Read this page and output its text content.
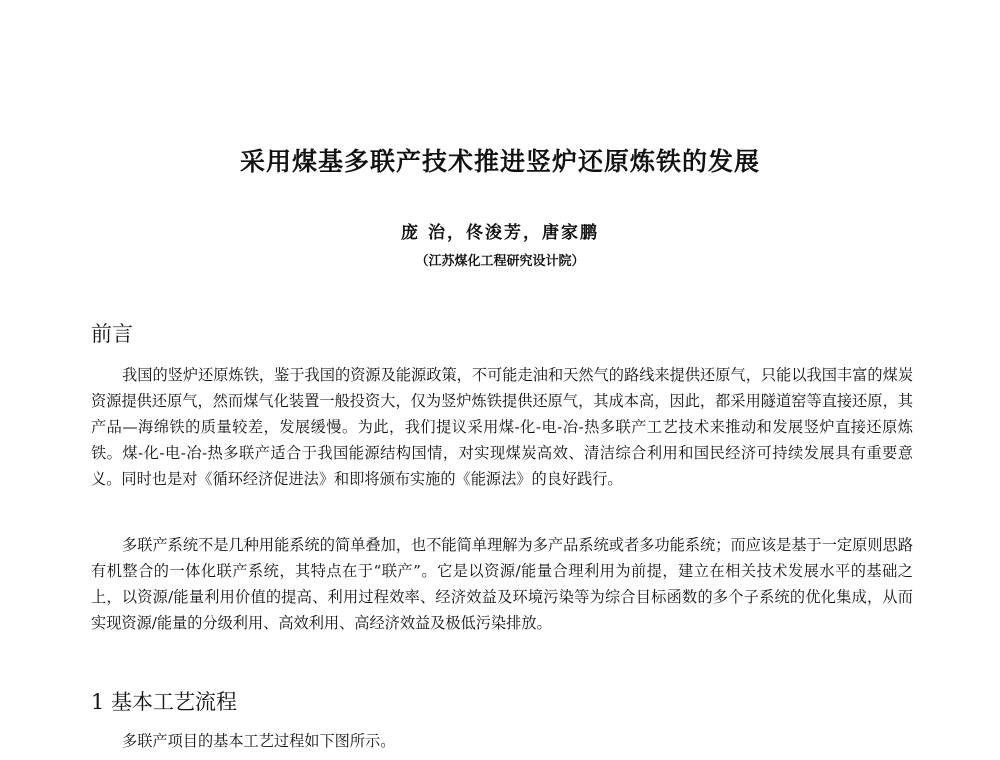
采用煤基多联产技术推进竖炉还原炼铁的发展
庞 治，佟浚芳，唐家鹏
（江苏煤化工程研究设计院）
前言

我国的竖炉还原炼铁，鉴于我国的资源及能源政策，不可能走油和天然气的路线来提供还原气，只能以我国丰富的煤炭资源提供还原气，然而煤气化装置一般投资大，仅为竖炉炼铁提供还原气，其成本高，因此，都采用隧道窑等直接还原，其产品—海绵铁的质量较差，发展缓慢。为此，我们提议采用煤-化-电-冶-热多联产工艺技术来推动和发展竖炉直接还原炼铁。煤-化-电-冶-热多联产适合于我国能源结构国情，对实现煤炭高效、清洁综合利用和国民经济可持续发展具有重要意义。同时也是对《循环经济促进法》和即将颁布实施的《能源法》的良好践行。

多联产系统不是几种用能系统的简单叠加，也不能简单理解为多产品系统或者多功能系统；而应该是基于一定原则思路有机整合的一体化联产系统，其特点在于“联产”。它是以资源/能量合理利用为前提，建立在相关技术发展水平的基础之上，以资源/能量利用价值的提高、利用过程效率、经济效益及环境污染等为综合目标函数的多个子系统的优化集成，从而实现资源/能量的分级利用、高效利用、高经济效益及极低污染排放。

1 基本工艺流程

多联产项目的基本工艺过程如下图所示。
